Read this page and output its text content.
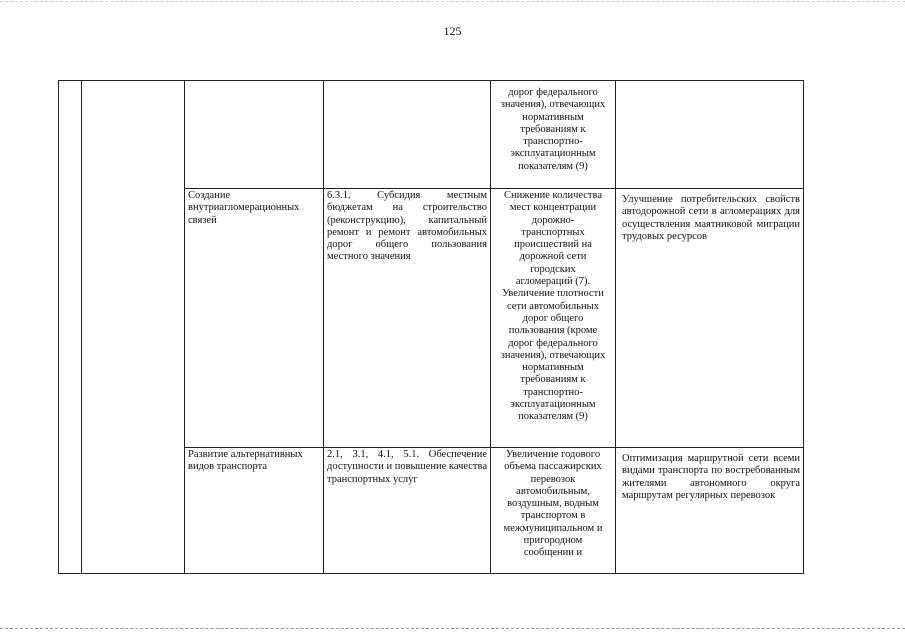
125
дорог федерального
значения), отвечающих
нормативным
требованиям к
транспортно-
эксплуатационным
показателям (9)
Создание внутриагломерационных связей
6.3.1. Субсидия местным бюджетам на строительство (реконструкцию), капитальный ремонт и ремонт автомобильных дорог общего пользования местного значения
Снижение количества
мест концентрации
дорожно-
транспортных
происшествий на
дорожной сети
городских
агломераций (7).
Увеличение плотности
сети автомобильных
дорог общего
пользования (кроме
дорог федерального
значения), отвечающих
нормативным
требованиям к
транспортно-
эксплуатационным
показателям (9)
Улучшение потребительских свойств автодорожной сети в агломерациях для осуществления маятниковой миграции трудовых ресурсов
Развитие альтернативных видов транспорта
2.1, 3.1, 4.1, 5.1. Обеспечение доступности и повышение качества транспортных услуг
Увеличение годового
объема пассажирских
перевозок
автомобильным,
воздушным, водным
транспортом в
межмуниципальном и
пригородном
сообщении и
Оптимизация маршрутной сети всеми видами транспорта по востребованным жителями автономного округа маршрутам регулярных перевозок
